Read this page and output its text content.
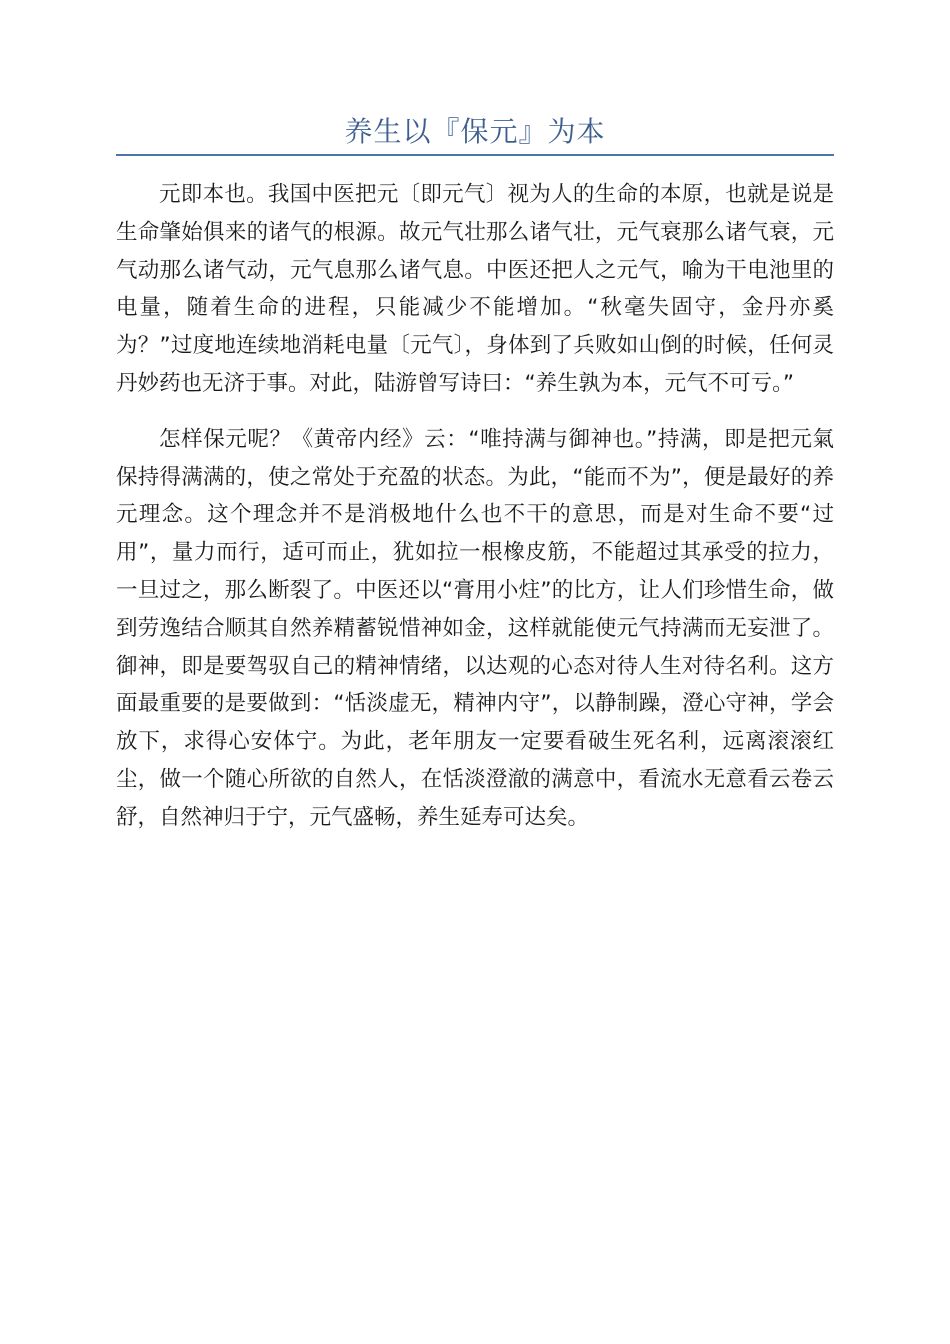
养生以『保元』为本

元即本也。我国中医把元〔即元气〕视为人的生命的本原，也就是说是生命肇始俱来的诸气的根源。故元气壮那么诸气壮，元气衰那么诸气衰，元气动那么诸气动，元气息那么诸气息。中医还把人之元气，喻为干电池里的电量，随着生命的进程，只能减少不能增加。“秋毫失固守，金丹亦奚为？”过度地连续地消耗电量〔元气〕，身体到了兵败如山倒的时候，任何灵丹妙药也无济于事。对此，陆游曾写诗曰：“养生孰为本，元气不可亏。”

怎样保元呢？《黄帝内经》云：“唯持满与御神也。”持满，即是把元氣保持得满满的，使之常处于充盈的状态。为此，“能而不为”，便是最好的养元理念。这个理念并不是消极地什么也不干的意思，而是对生命不要“过用”，量力而行，适可而止，犹如拉一根橡皮筋，不能超过其承受的拉力，一旦过之，那么断裂了。中医还以“膏用小炷”的比方，让人们珍惜生命，做到劳逸结合顺其自然养精蓄锐惜神如金，这样就能使元气持满而无妄泄了。御神，即是要驾驭自己的精神情绪，以达观的心态对待人生对待名利。这方面最重要的是要做到：“恬淡虚无，精神内守”，以静制躁，澄心守神，学会放下，求得心安体宁。为此，老年朋友一定要看破生死名利，远离滚滚红尘，做一个随心所欲的自然人，在恬淡澄澈的满意中，看流水无意看云卷云舒，自然神归于宁，元气盛畅，养生延寿可达矣。
